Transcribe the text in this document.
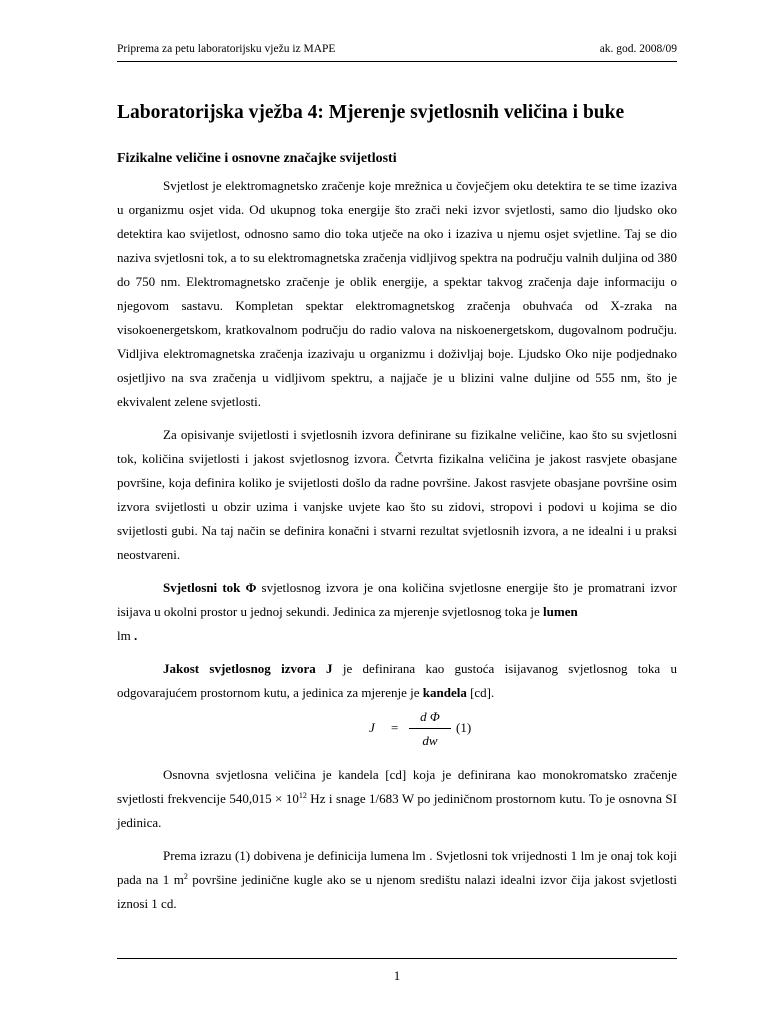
Priprema za petu laboratorijsku vježu iz MAPE	ak. god. 2008/09
Laboratorijska vježba 4: Mjerenje svjetlosnih veličina i buke
Fizikalne veličine i osnovne značajke svijetlosti

Svjetlost je elektromagnetsko zračenje koje mrežnica u čovječjem oku detektira te se time izaziva u organizmu osjet vida. Od ukupnog toka energije što zrači neki izvor svjetlosti, samo dio ljudsko oko detektira kao svijetlost, odnosno samo dio toka utječe na oko i izaziva u njemu osjet svjetline. Taj se dio naziva svjetlosni tok, a to su elektromagnetska zračenja vidljivog spektra na području valnih duljina od 380 do 750 nm. Elektromagnetsko zračenje je oblik energije, a spektar takvog zračenja daje informaciju o njegovom sastavu. Kompletan spektar elektromagnetskog zračenja obuhvaća od X-zraka na visokoenergetskom, kratkovalnom području do radio valova na niskoenergetskom, dugovalnom području. Vidljiva elektromagnetska zračenja izazivaju u organizmu i doživljaj boje. Ljudsko Oko nije podjednako osjetljivo na sva zračenja u vidljivom spektru, a najjače je u blizini valne duljine od 555 nm, što je ekvivalent zelene svjetlosti.

Za opisivanje svijetlosti i svjetlosnih izvora definirane su fizikalne veličine, kao što su svjetlosni tok, količina svijetlosti i jakost svjetlosnog izvora. Četvrta fizikalna veličina je jakost rasvjete obasjane površine, koja definira koliko je svijetlosti došlo da radne površine. Jakost rasvjete obasjane površine osim izvora svijetlosti u obzir uzima i vanjske uvjete kao što su zidovi, stropovi i podovi u kojima se dio svijetlosti gubi. Na taj način se definira konačni i stvarni rezultat svjetlosnih izvora, a ne idealni i u praksi neostvareni.

Svjetlosni tok Φ svjetlosnog izvora je ona količina svjetlosne energije što je promatrani izvor isijava u okolni prostor u jednoj sekundi. Jedinica za mjerenje svjetlosnog toka je lumen
lm .

Jakost svjetlosnog izvora J je definirana kao gustoća isijavanog svjetlosnog toka u odgovarajućem prostornom kutu, a jedinica za mjerenje je kandela [cd].

J =
d Φ
dw
(1)

Osnovna svjetlosna veličina je kandela [cd] koja je definirana kao monokromatsko zračenje svjetlosti frekvencije $540,015 \times 10^{12}$ Hz i snage 1/683 W po jediničnom prostornom kutu. To je osnovna SI jedinica.

Prema izrazu (1) dobivena je definicija lumena lm . Svjetlosni tok vrijednosti 1 lm je onaj tok koji pada na 1 $m^2$ površine jedinične kugle ako se u njenom središtu nalazi idealni izvor čija jakost svjetlosti iznosi 1 cd.

1
